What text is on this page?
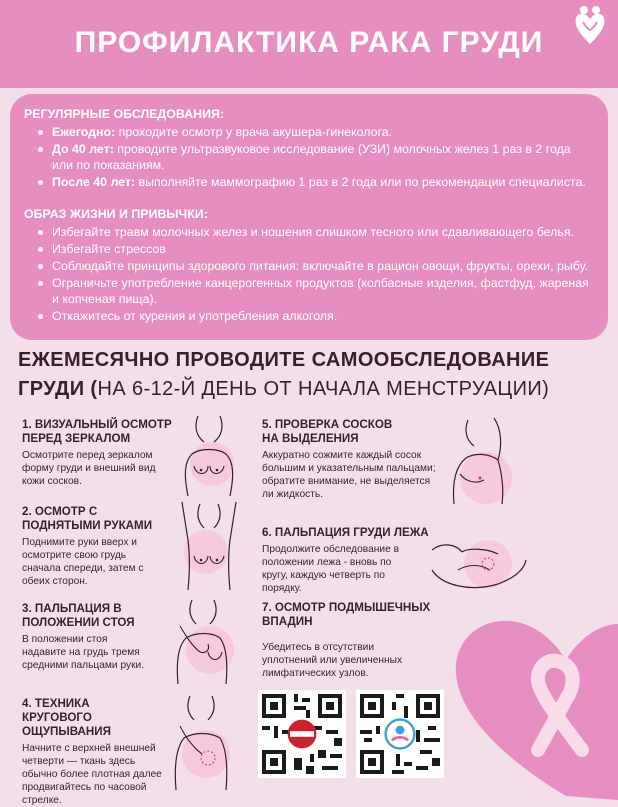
ПРОФИЛАКТИКА РАКА ГРУДИ
РЕГУЛЯРНЫЕ ОБСЛЕДОВАНИЯ:
Ежегодно: проходите осмотр у врача акушера-гинеколога.
До 40 лет: проводите ультразвуковое исследование (УЗИ) молочных желез 1 раз в 2 года или по показаниям.
После 40 лет: выполняйте маммографию 1 раз в 2 года или по рекомендации специалиста.
ОБРАЗ ЖИЗНИ И ПРИВЫЧКИ:
Избегайте травм молочных желез и ношения слишком тесного или сдавливающего белья.
Избегайте стрессов
Соблюдайте принципы здорового питания: включайте в рацион овощи, фрукты, орехи, рыбу.
Ограничьте употребление канцерогенных продуктов (колбасные изделия, фастфуд, жареная и копченая пища).
Откажитесь от курения и употребления алкоголя.
ЕЖЕМЕСЯЧНО ПРОВОДИТЕ САМООБСЛЕДОВАНИЕ ГРУДИ (НА 6-12-Й ДЕНЬ ОТ НАЧАЛА МЕНСТРУАЦИИ)
1. ВИЗУАЛЬНЫЙ ОСМОТР ПЕРЕД ЗЕРКАЛОМ

Осмотрите перед зеркалом форму груди и внешний вид кожи сосков.

2. ОСМОТР С ПОДНЯТЫМИ РУКАМИ

Поднимите руки вверх и осмотрите свою грудь сначала спереди, затем с обеих сторон.

3. ПАЛЬПАЦИЯ В ПОЛОЖЕНИИ СТОЯ

В положении стоя надавите на грудь тремя средними пальцами руки.

4. ТЕХНИКА КРУГОВОГО ОЩУПЫВАНИЯ

Начните с верхней внешней четверти — ткань здесь обычно более плотная далее продвигайтесь по часовой стрелке.

5. ПРОВЕРКА СОСКОВ НА ВЫДЕЛЕНИЯ

Аккуратно сожмите каждый сосок большим и указательным пальцами; обратите внимание, не выделяется ли жидкость.

6. ПАЛЬПАЦИЯ ГРУДИ ЛЕЖА

Продолжите обследование в положении лежа - вновь по кругу, каждую четверть по порядку.

7. ОСМОТР ПОДМЫШЕЧНЫХ ВПАДИН

Убедитесь в отсутствии уплотнений или увеличенных лимфатических узлов.
